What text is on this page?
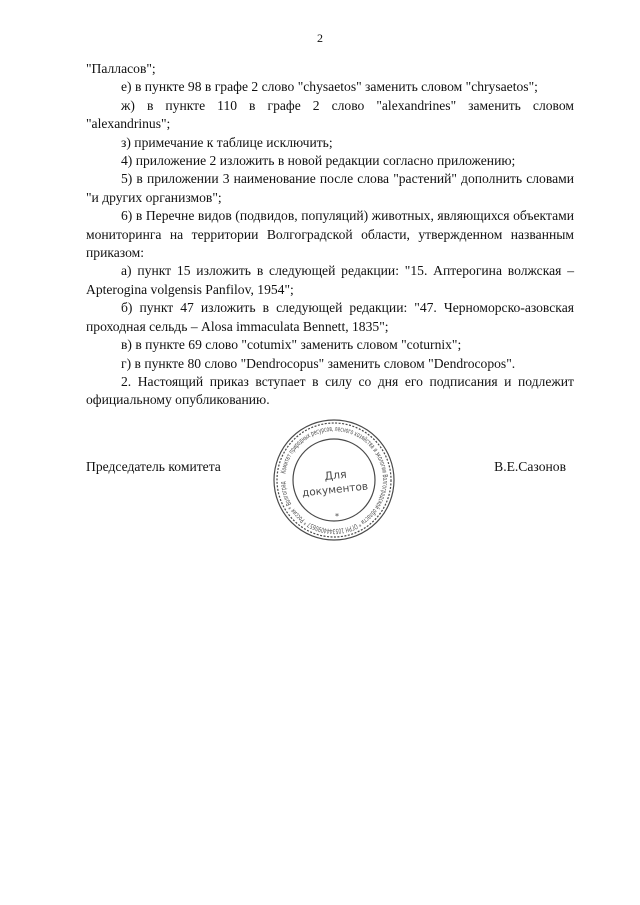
2

"Палласов";

е) в пункте 98 в графе 2 слово "chysaetos" заменить словом "chrysaetos";

ж) в пункте 110 в графе 2 слово "alexandrines" заменить словом "alexandrinus";

з) примечание к таблице исключить;

4) приложение 2 изложить в новой редакции согласно приложению;

5) в приложении 3 наименование после слова "растений" дополнить словами "и других организмов";

6) в Перечне видов (подвидов, популяций) животных, являющихся объектами мониторинга на территории Волгоградской области, утвержденном названным приказом:

а) пункт 15 изложить в следующей редакции: "15. Аптерогина волжская – Apterogina volgensis Panfilov, 1954";

б) пункт 47 изложить в следующей редакции: "47. Черноморско-азовская проходная сельдь – Alosa immaculata Bennett, 1835";

в) в пункте 69 слово "cotumix" заменить словом "coturnix";

г) в пункте 80 слово "Dendrocopus" заменить словом "Dendrocopos".

2. Настоящий приказ вступает в силу со дня его подписания и подлежит официальному опубликованию.

Председатель комитета	В.Е.Сазонов
Комитет природных ресурсов, лесного хозяйства и экологии Волгоградской области * ОГРН 1053444090657 * Россия * Волгоград	Для
документов
*
